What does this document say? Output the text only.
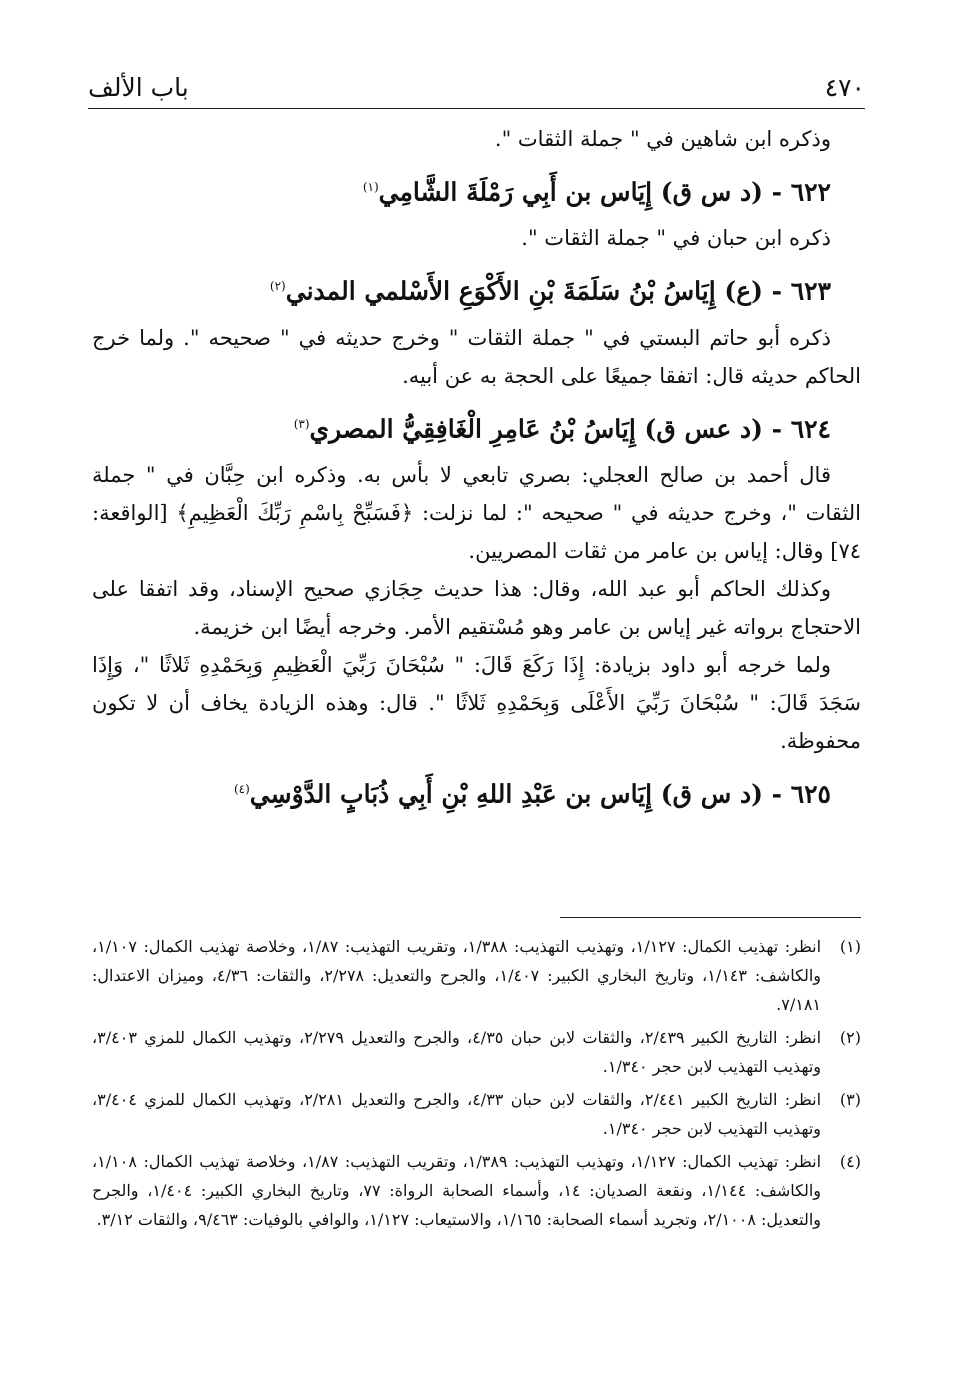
٤٧٠
باب الألف

وذكره ابن شاهين في " جملة الثقات ".

٦٢٢ - (د س ق) إِيَاس بن أَبِي رَمْلَةَ الشَّامِي$^{(١)}$

ذكره ابن حبان في " جملة الثقات ".

٦٢٣ - (ع) إِيَاسُ بْنُ سَلَمَةَ بْنِ الأَكْوَعِ الأَسْلمي المدني$^{(٢)}$

ذكره أبو حاتم البستي في " جملة الثقات " وخرج حديثه في " صحيحه ". ولما خرج الحاكم حديثه قال: اتفقا جميعًا على الحجة به عن أبيه.

٦٢٤ - (د عس ق) إِيَاسُ بْنُ عَامِرِ الْغَافِقِيُّ المصري$^{(٣)}$

قال أحمد بن صالح العجلي: بصري تابعي لا بأس به. وذكره ابن حِبَّان في " جملة الثقات "، وخرج حديثه في " صحيحه ": لما نزلت: ﴿فَسَبِّحْ بِاسْمِ رَبِّكَ الْعَظِيمِ﴾ [الواقعة: ٧٤] وقال: إياس بن عامر من ثقات المصريين.

وكذلك الحاكم أبو عبد الله، وقال: هذا حديث حِجَازي صحيح الإسناد، وقد اتفقا على الاحتجاج برواته غير إياس بن عامر وهو مُسْتقيم الأمر. وخرجه أيضًا ابن خزيمة.

ولما خرجه أبو داود بزيادة: إِذَا رَكَعَ قَالَ: " سُبْحَانَ رَبِّيَ الْعَظِيمِ وَبِحَمْدِهِ ثَلاثًا "، وَإِذَا سَجَدَ قَالَ: " سُبْحَانَ رَبِّيَ الأَعْلَى وَبِحَمْدِهِ ثَلاثًا ". قال: وهذه الزيادة يخاف أن لا تكون محفوظة.

٦٢٥ - (د س ق) إِيَاس بن عَبْدِ اللهِ بْنِ أَبِي ذُبَابٍ الدَّوْسِي$^{(٤)}$

(١)
انظر: تهذيب الكمال: ١/١٢٧، وتهذيب التهذيب: ١/٣٨٨، وتقريب التهذيب: ١/٨٧، وخلاصة تهذيب الكمال: ١/١٠٧، والكاشف: ١/١٤٣، وتاريخ البخاري الكبير: ١/٤٠٧، والجرح والتعديل: ٢/٢٧٨، والثقات: ٤/٣٦، وميزان الاعتدال: ٧/١٨١.
(٢)
انظر: التاريخ الكبير ٢/٤٣٩، والثقات لابن حبان ٤/٣٥، والجرح والتعديل ٢/٢٧٩، وتهذيب الكمال للمزي ٣/٤٠٣، وتهذيب التهذيب لابن حجر ١/٣٤٠.
(٣)
انظر: التاريخ الكبير ٢/٤٤١، والثقات لابن حبان ٤/٣٣، والجرح والتعديل ٢/٢٨١، وتهذيب الكمال للمزي ٣/٤٠٤، وتهذيب التهذيب لابن حجر ١/٣٤٠.
(٤)
انظر: تهذيب الكمال: ١/١٢٧، وتهذيب التهذيب: ١/٣٨٩، وتقريب التهذيب: ١/٨٧، وخلاصة تهذيب الكمال: ١/١٠٨، والكاشف: ١/١٤٤، ونقعة الصديان: ١٤، وأسماء الصحابة الرواة: ٧٧، وتاريخ البخاري الكبير: ١/٤٠٤، والجرح والتعديل: ٢/١٠٠٨، وتجريد أسماء الصحابة: ١/١٦٥، والاستيعاب: ١/١٢٧، والوافي بالوفيات: ٩/٤٦٣، والثقات ٣/١٢.
